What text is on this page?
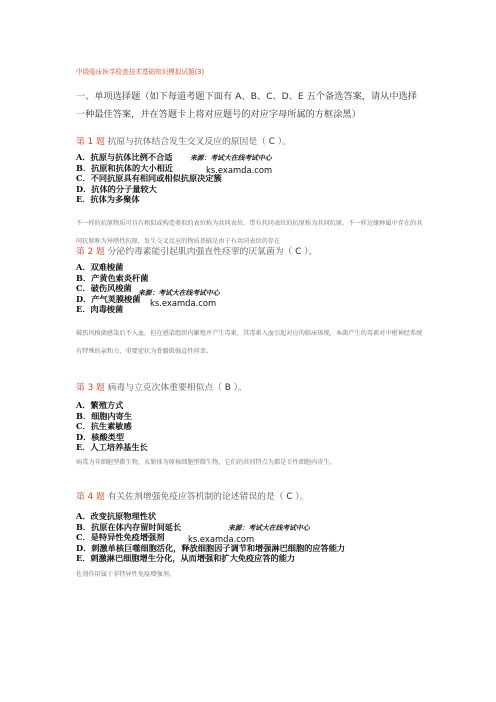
中级临床医学检查技术基础知识模拟试题(3)
一、单项选择题（如下每道考题下面有 A、B、C、D、E 五个备选答案，请从中选择一种最佳答案，并在答题卡上将对应题号的对应字母所属的方框涂黑）
第 1 题 抗原与抗体结合发生交叉反应的原因是（ C ）。
A．抗原与抗体比例不合适
B．抗原和抗体的大小相近
C．不同抗原具有相同或相似抗原决定簇
D．抗体的分子量较大
E．抗体为多聚体
来源：考试大在线考试中心
ks.examda.com
不一样的抗原物质可具有相似或构造类似的表位称为共同表位，带有共同表位的抗原称为共同抗原，不一样边缘种属中存在的共同抗原称为异嗜性抗原，发生交叉反应的物质基础是由于有共同表位的存在
第 2 题 分泌约毒素能引起肌肉强直性痉挛的厌氧菌为（ C ）。
A．双难梭菌
B．产黄色索炎杆菌
C．破伤风梭菌
D．产气荚膜梭菌
E．肉毒梭菌
来源：考试大在线考试中心
ks.examda.com
破伤风梭菌感染后不入血，但在感染组织内繁殖并产生毒素，其毒素入血引起对应的临床体现，本菌产生的毒素对中枢神经系统有特殊的亲和力，重要症状为骨骼肌强直性痉挛。
第 3 题 病毒与立克次体重要相似点（ B ）。
A．繁殖方式
B．细胞内寄生
C．抗生素敏感
D．核酸类型
E．人工培养基生长
病毒为非细胞型微生物，衣原体为原核细胞型微生物，它们的共同特点为都是专性细胞内寄生。
第 4 题 有关佐剂增强免疫应答机制的论述错误的是（ C ）。
A．改变抗原物理性状
B．抗原在体内存留时间延长
C．是特异性免疫增强剂
D．刺激单核巨噬细胞活化，释放细胞因子调节和增强淋巴细胞的应答能力
E．刺激淋巴细胞增生分化，从而增强和扩大免疫应答的能力
来源：考试大在线考试中心
ks.examda.com
佐剂作用属于非特异性免疫增强剂。
